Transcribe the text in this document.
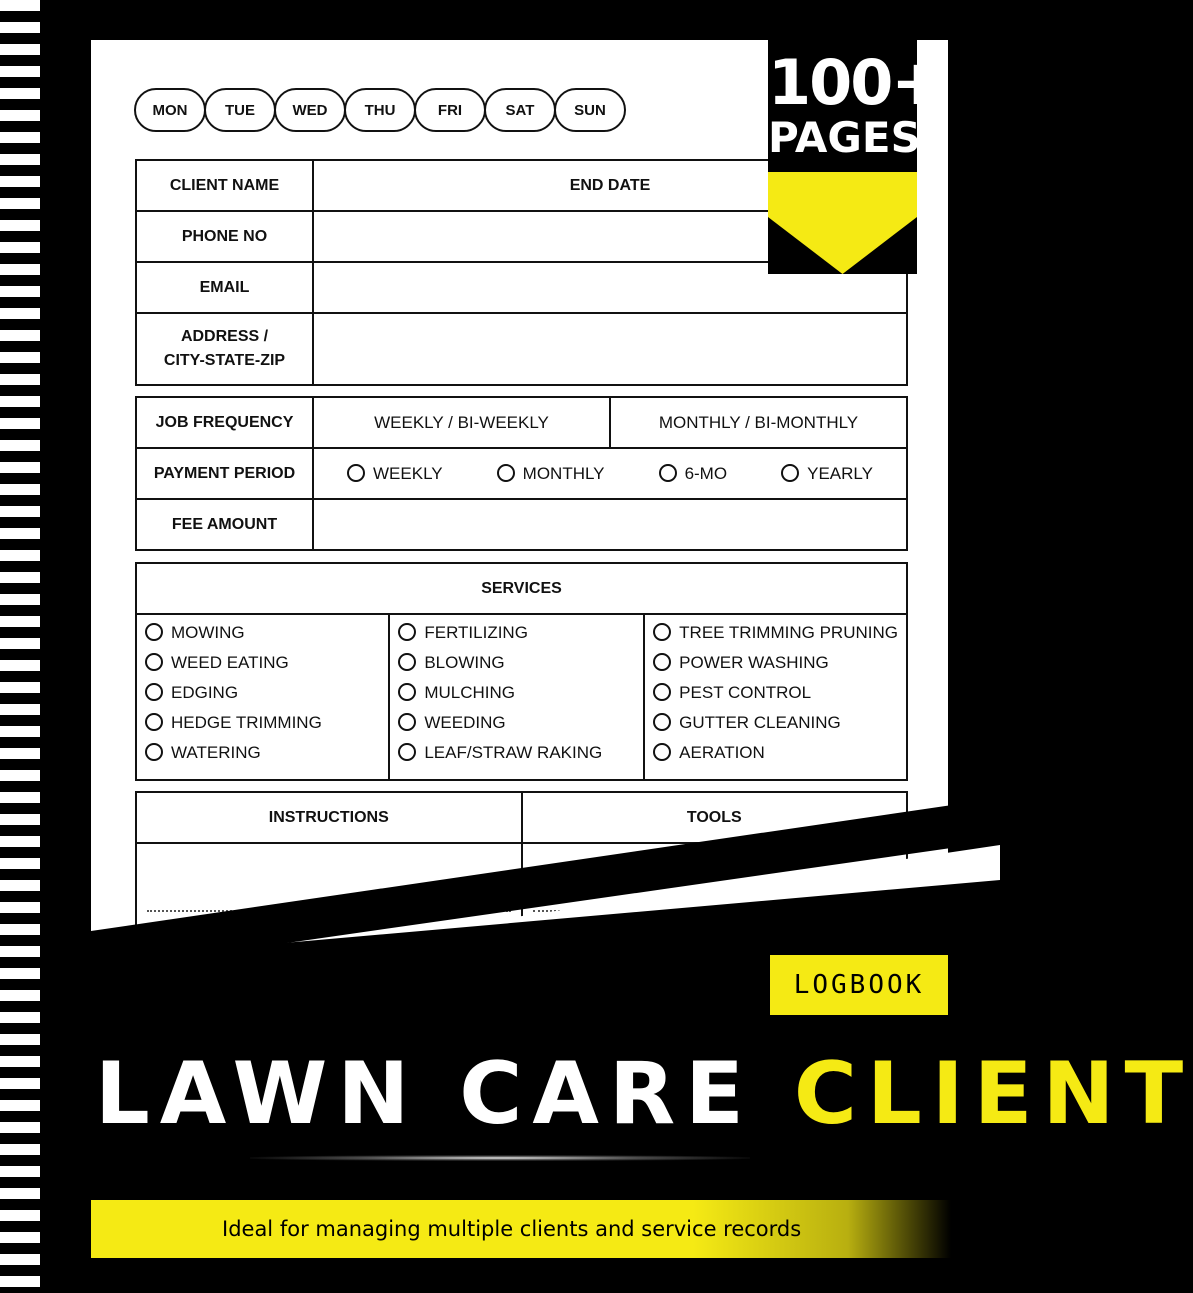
MON	TUE	WED	THU	FRI	SAT	SUN
CLIENT NAME	END DATE
PHONE NO	
EMAIL	

ADDRESS /
CITY-STATE-ZIP	

JOB FREQUENCY	WEEKLY / BI-WEEKLY	MONTHLY / BI-MONTHLY
PAYMENT PERIOD	WEEKLY MONTHLY 6-MO YEARLY	

FEE AMOUNT		
SERVICES

MOWING
WEED EATING
EDGING
HEDGE TRIMMING
WATERING

FERTILIZING
BLOWING
MULCHING
WEEDING
LEAF/STRAW RAKING

TREE TRIMMING PRUNING
POWER WASHING
PEST CONTROL
GUTTER CLEANING
AERATION
INSTRUCTIONS	TOOLS

100+
PAGES
LOGBOOK
LAWN CARE CLIENT
Ideal for managing multiple clients and service records
